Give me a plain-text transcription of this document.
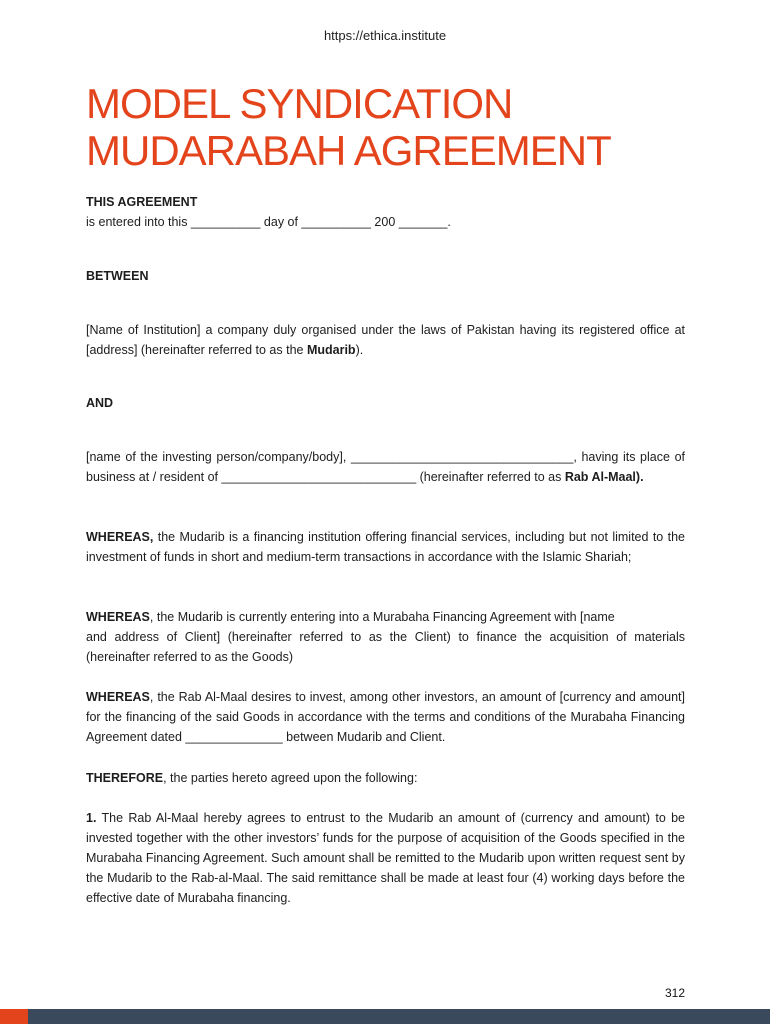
https://ethica.institute
MODEL SYNDICATION
MUDARABAH AGREEMENT

THIS AGREEMENT

is entered into this __________ day of __________ 200 _______.

BETWEEN

[Name of Institution] a company duly organised under the laws of Pakistan having its registered office at [address] (hereinafter referred to as the Mudarib).

AND

[name of the investing person/company/body], ________________________________, having its place of business at / resident of ____________________________ (hereinafter referred to as Rab Al-Maal).

WHEREAS, the Mudarib is a financing institution offering financial services, including but not limited to the investment of funds in short and medium-term transactions in accordance with the Islamic Shariah;

WHEREAS, the Mudarib is currently entering into a Murabaha Financing Agreement with [name

and address of Client] (hereinafter referred to as the Client) to finance the acquisition of materials (hereinafter referred to as the Goods)

WHEREAS, the Rab Al-Maal desires to invest, among other investors, an amount of [currency and amount] for the financing of the said Goods in accordance with the terms and conditions of the Murabaha Financing Agreement dated ______________ between Mudarib and Client.

THEREFORE, the parties hereto agreed upon the following:

1. The Rab Al-Maal hereby agrees to entrust to the Mudarib an amount of (currency and amount) to be invested together with the other investors’ funds for the purpose of acquisition of the Goods specified in the Murabaha Financing Agreement. Such amount shall be remitted to the Mudarib upon written request sent by the Mudarib to the Rab-al-Maal. The said remittance shall be made at least four (4) working days before the effective date of Murabaha financing.

312
